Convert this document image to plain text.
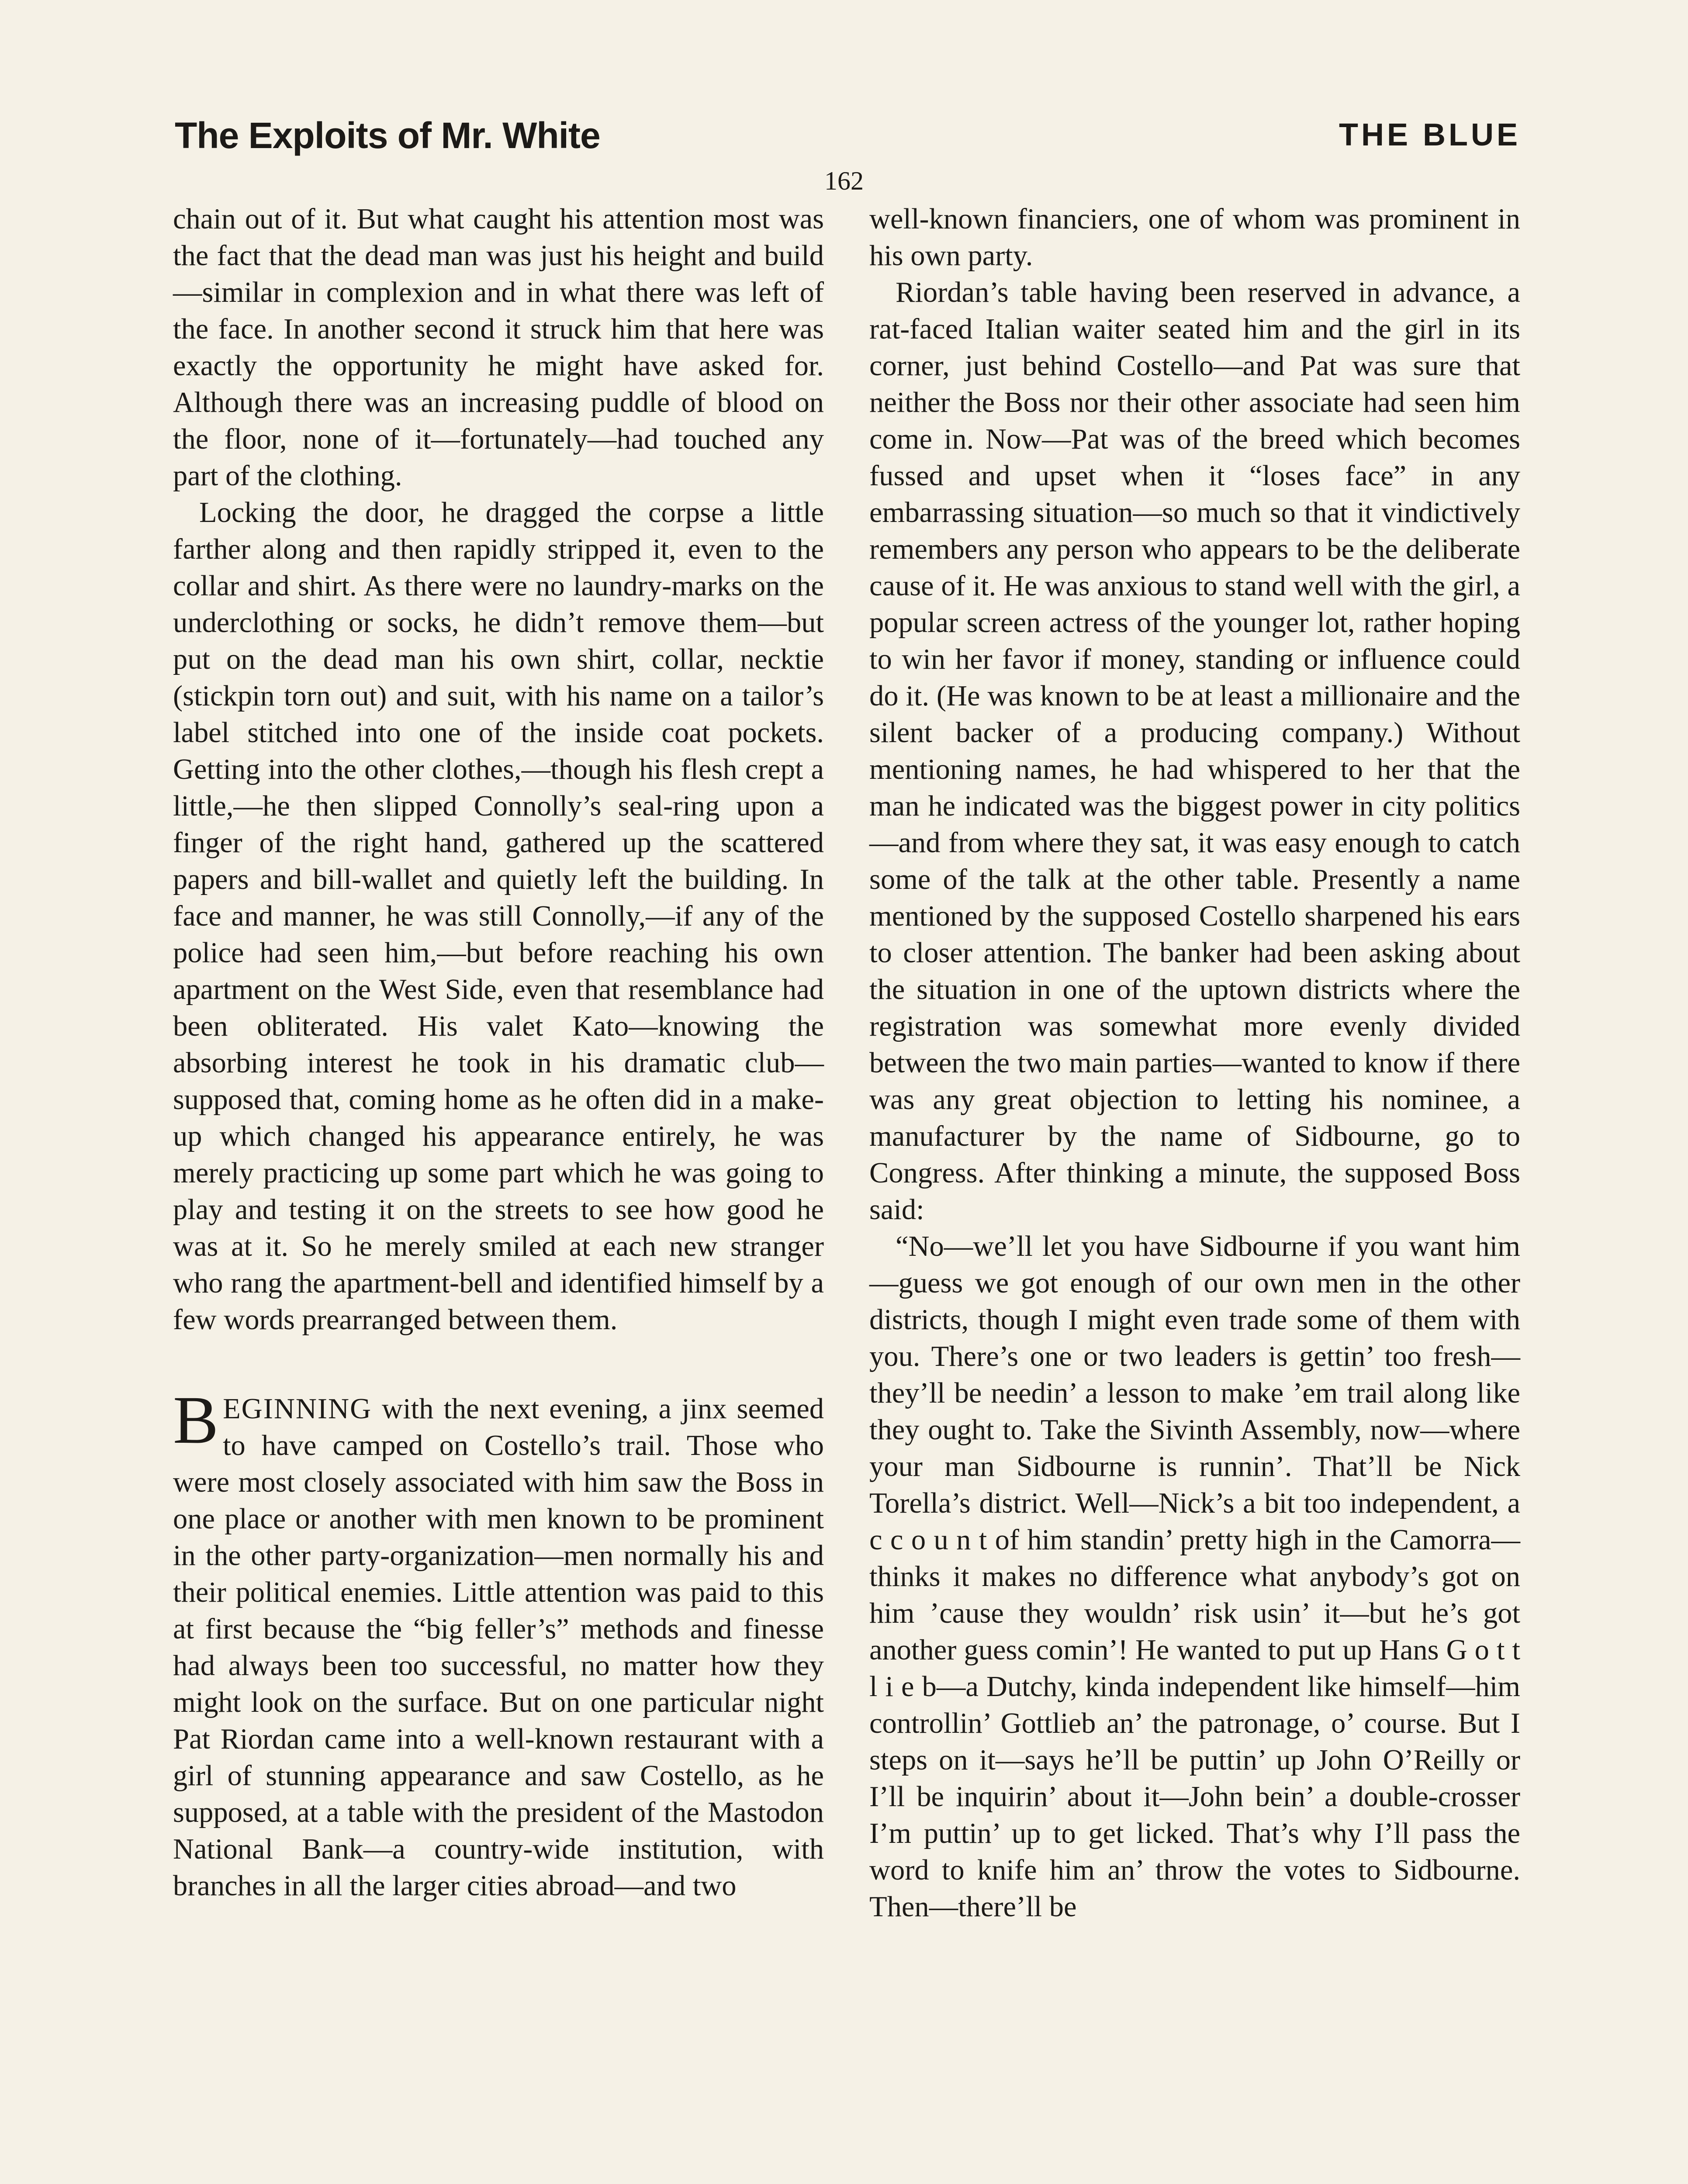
The Exploits of Mr. White	THE BLUE
162

chain out of it. But what caught his attention most was the fact that the dead man was just his height and build—similar in complexion and in what there was left of the face. In another second it struck him that here was exactly the opportunity he might have asked for. Although there was an increasing puddle of blood on the floor, none of it—fortunately—had touched any part of the clothing.

Locking the door, he dragged the corpse a little farther along and then rapidly stripped it, even to the collar and shirt. As there were no laundry-marks on the underclothing or socks, he didn’t remove them—but put on the dead man his own shirt, collar, necktie (stickpin torn out) and suit, with his name on a tailor’s label stitched into one of the inside coat pockets. Getting into the other clothes,—though his flesh crept a little,—he then slipped Connolly’s seal-ring upon a finger of the right hand, gathered up the scattered papers and bill-wallet and quietly left the building. In face and manner, he was still Connolly,—if any of the police had seen him,—but before reaching his own apartment on the West Side, even that resemblance had been obliterated. His valet Kato—knowing the absorbing interest he took in his dramatic club—supposed that, coming home as he often did in a make-up which changed his appearance entirely, he was merely practicing up some part which he was going to play and testing it on the streets to see how good he was at it. So he merely smiled at each new stranger who rang the apartment-bell and identified himself by a few words prearranged between them.

BEGINNING with the next evening, a jinx seemed to have camped on Costello’s trail. Those who were most closely associated with him saw the Boss in one place or another with men known to be prominent in the other party-organization—men normally his and their political enemies. Little attention was paid to this at first because the “big feller’s” methods and finesse had always been too successful, no matter how they might look on the surface. But on one particular night Pat Riordan came into a well-known restaurant with a girl of stunning appearance and saw Costello, as he supposed, at a table with the president of the Mastodon National Bank—a country-wide institution, with branches in all the larger cities abroad—and two

well-known financiers, one of whom was prominent in his own party.

Riordan’s table having been reserved in advance, a rat-faced Italian waiter seated him and the girl in its corner, just behind Costello—and Pat was sure that neither the Boss nor their other associate had seen him come in. Now—Pat was of the breed which becomes fussed and upset when it “loses face” in any embarrassing situation—so much so that it vindictively remembers any person who appears to be the deliberate cause of it. He was anxious to stand well with the girl, a popular screen actress of the younger lot, rather hoping to win her favor if money, standing or influence could do it. (He was known to be at least a millionaire and the silent backer of a producing company.) Without mentioning names, he had whispered to her that the man he indicated was the biggest power in city politics—and from where they sat, it was easy enough to catch some of the talk at the other table. Presently a name mentioned by the supposed Costello sharpened his ears to closer attention. The banker had been asking about the situation in one of the uptown districts where the registration was somewhat more evenly divided between the two main parties—wanted to know if there was any great objection to letting his nominee, a manufacturer by the name of Sidbourne, go to Congress. After thinking a minute, the supposed Boss said:

“No—we’ll let you have Sidbourne if you want him—guess we got enough of our own men in the other districts, though I might even trade some of them with you. There’s one or two leaders is gettin’ too fresh—they’ll be needin’ a lesson to make ’em trail along like they ought to. Take the Sivinth Assembly, now—where your man Sidbourne is runnin’. That’ll be Nick Torella’s district. Well—Nick’s a bit too independent, a c c o u n t of him standin’ pretty high in the Camorra—thinks it makes no difference what anybody’s got on him ’cause they wouldn’ risk usin’ it—but he’s got another guess comin’! He wanted to put up Hans G o t t l i e b—a Dutchy, kinda independent like himself—him controllin’ Gottlieb an’ the patronage, o’ course. But I steps on it—says he’ll be puttin’ up John O’Reilly or I’ll be inquirin’ about it—John bein’ a double-crosser I’m puttin’ up to get licked. That’s why I’ll pass the word to knife him an’ throw the votes to Sidbourne. Then—there’ll be
